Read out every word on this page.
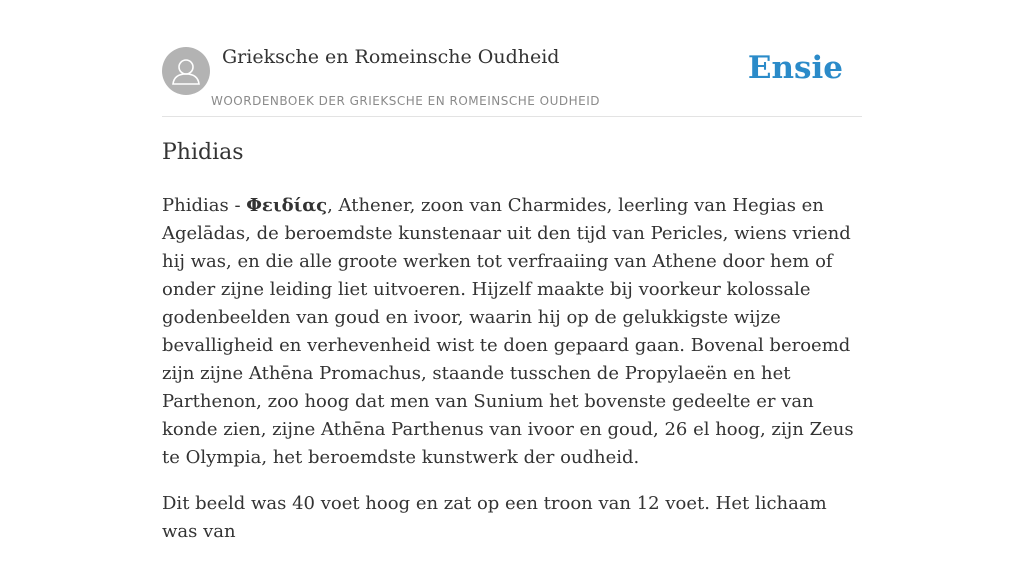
Grieksche en Romeinsche Oudheid
WOORDENBOEK DER GRIEKSCHE EN ROMEINSCHE OUDHEID
Ensie
Phidias

Phidias - Φειδίας, Athener, zoon van Charmides, leerling van Hegias en Agelādas, de beroemdste kunstenaar uit den tijd van Pericles, wiens vriend hij was, en die alle groote werken tot verfraaiing van Athene door hem of onder zijne leiding liet uitvoeren. Hijzelf maakte bij voorkeur kolossale godenbeelden van goud en ivoor, waarin hij op de gelukkigste wijze bevalligheid en verhevenheid wist te doen gepaard gaan. Bovenal beroemd zijn zijne Athēna Promachus, staande tusschen de Propylaeën en het Parthenon, zoo hoog dat men van Sunium het bovenste gedeelte er van konde zien, zijne Athēna Parthenus van ivoor en goud, 26 el hoog, zijn Zeus te Olympia, het beroemdste kunstwerk der oudheid.

Dit beeld was 40 voet hoog en zat op een troon van 12 voet. Het lichaam was van
